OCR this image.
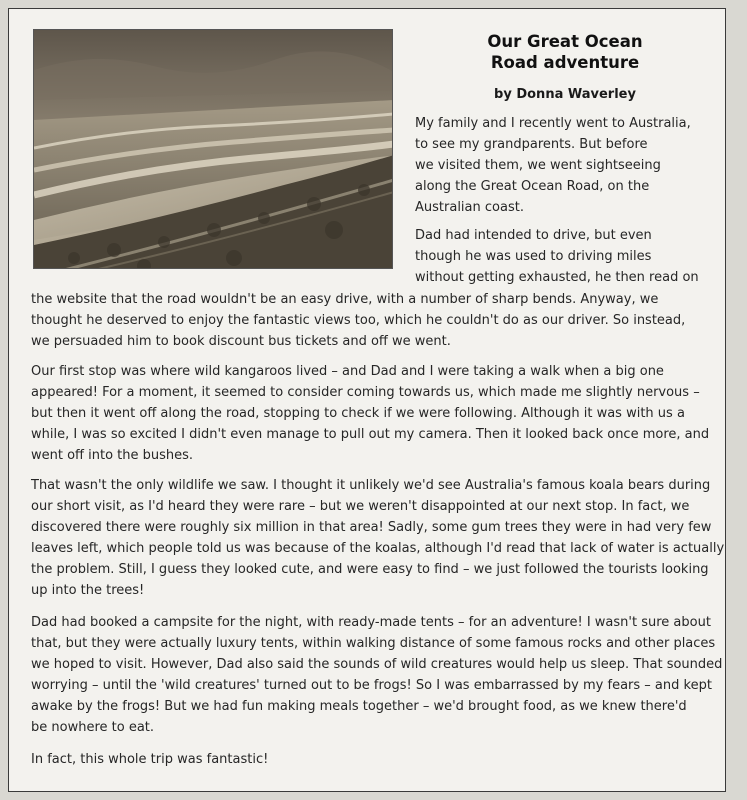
Our Great Ocean
Road adventure
by Donna Waverley
My family and I recently went to Australia,
to see my grandparents. But before
we visited them, we went sightseeing
along the Great Ocean Road, on the
Australian coast.
Dad had intended to drive, but even
though he was used to driving miles
without getting exhausted, he then read on
the website that the road wouldn't be an easy drive, with a number of sharp bends. Anyway, we
thought he deserved to enjoy the fantastic views too, which he couldn't do as our driver. So instead,
we persuaded him to book discount bus tickets and off we went.
Our first stop was where wild kangaroos lived – and Dad and I were taking a walk when a big one
appeared! For a moment, it seemed to consider coming towards us, which made me slightly nervous –
but then it went off along the road, stopping to check if we were following. Although it was with us a
while, I was so excited I didn't even manage to pull out my camera. Then it looked back once more, and
went off into the bushes.
That wasn't the only wildlife we saw. I thought it unlikely we'd see Australia's famous koala bears during
our short visit, as I'd heard they were rare – but we weren't disappointed at our next stop. In fact, we
discovered there were roughly six million in that area! Sadly, some gum trees they were in had very few
leaves left, which people told us was because of the koalas, although I'd read that lack of water is actually
the problem. Still, I guess they looked cute, and were easy to find – we just followed the tourists looking
up into the trees!
Dad had booked a campsite for the night, with ready-made tents – for an adventure! I wasn't sure about
that, but they were actually luxury tents, within walking distance of some famous rocks and other places
we hoped to visit. However, Dad also said the sounds of wild creatures would help us sleep. That sounded
worrying – until the 'wild creatures' turned out to be frogs! So I was embarrassed by my fears – and kept
awake by the frogs! But we had fun making meals together – we'd brought food, as we knew there'd
be nowhere to eat.
In fact, this whole trip was fantastic!
